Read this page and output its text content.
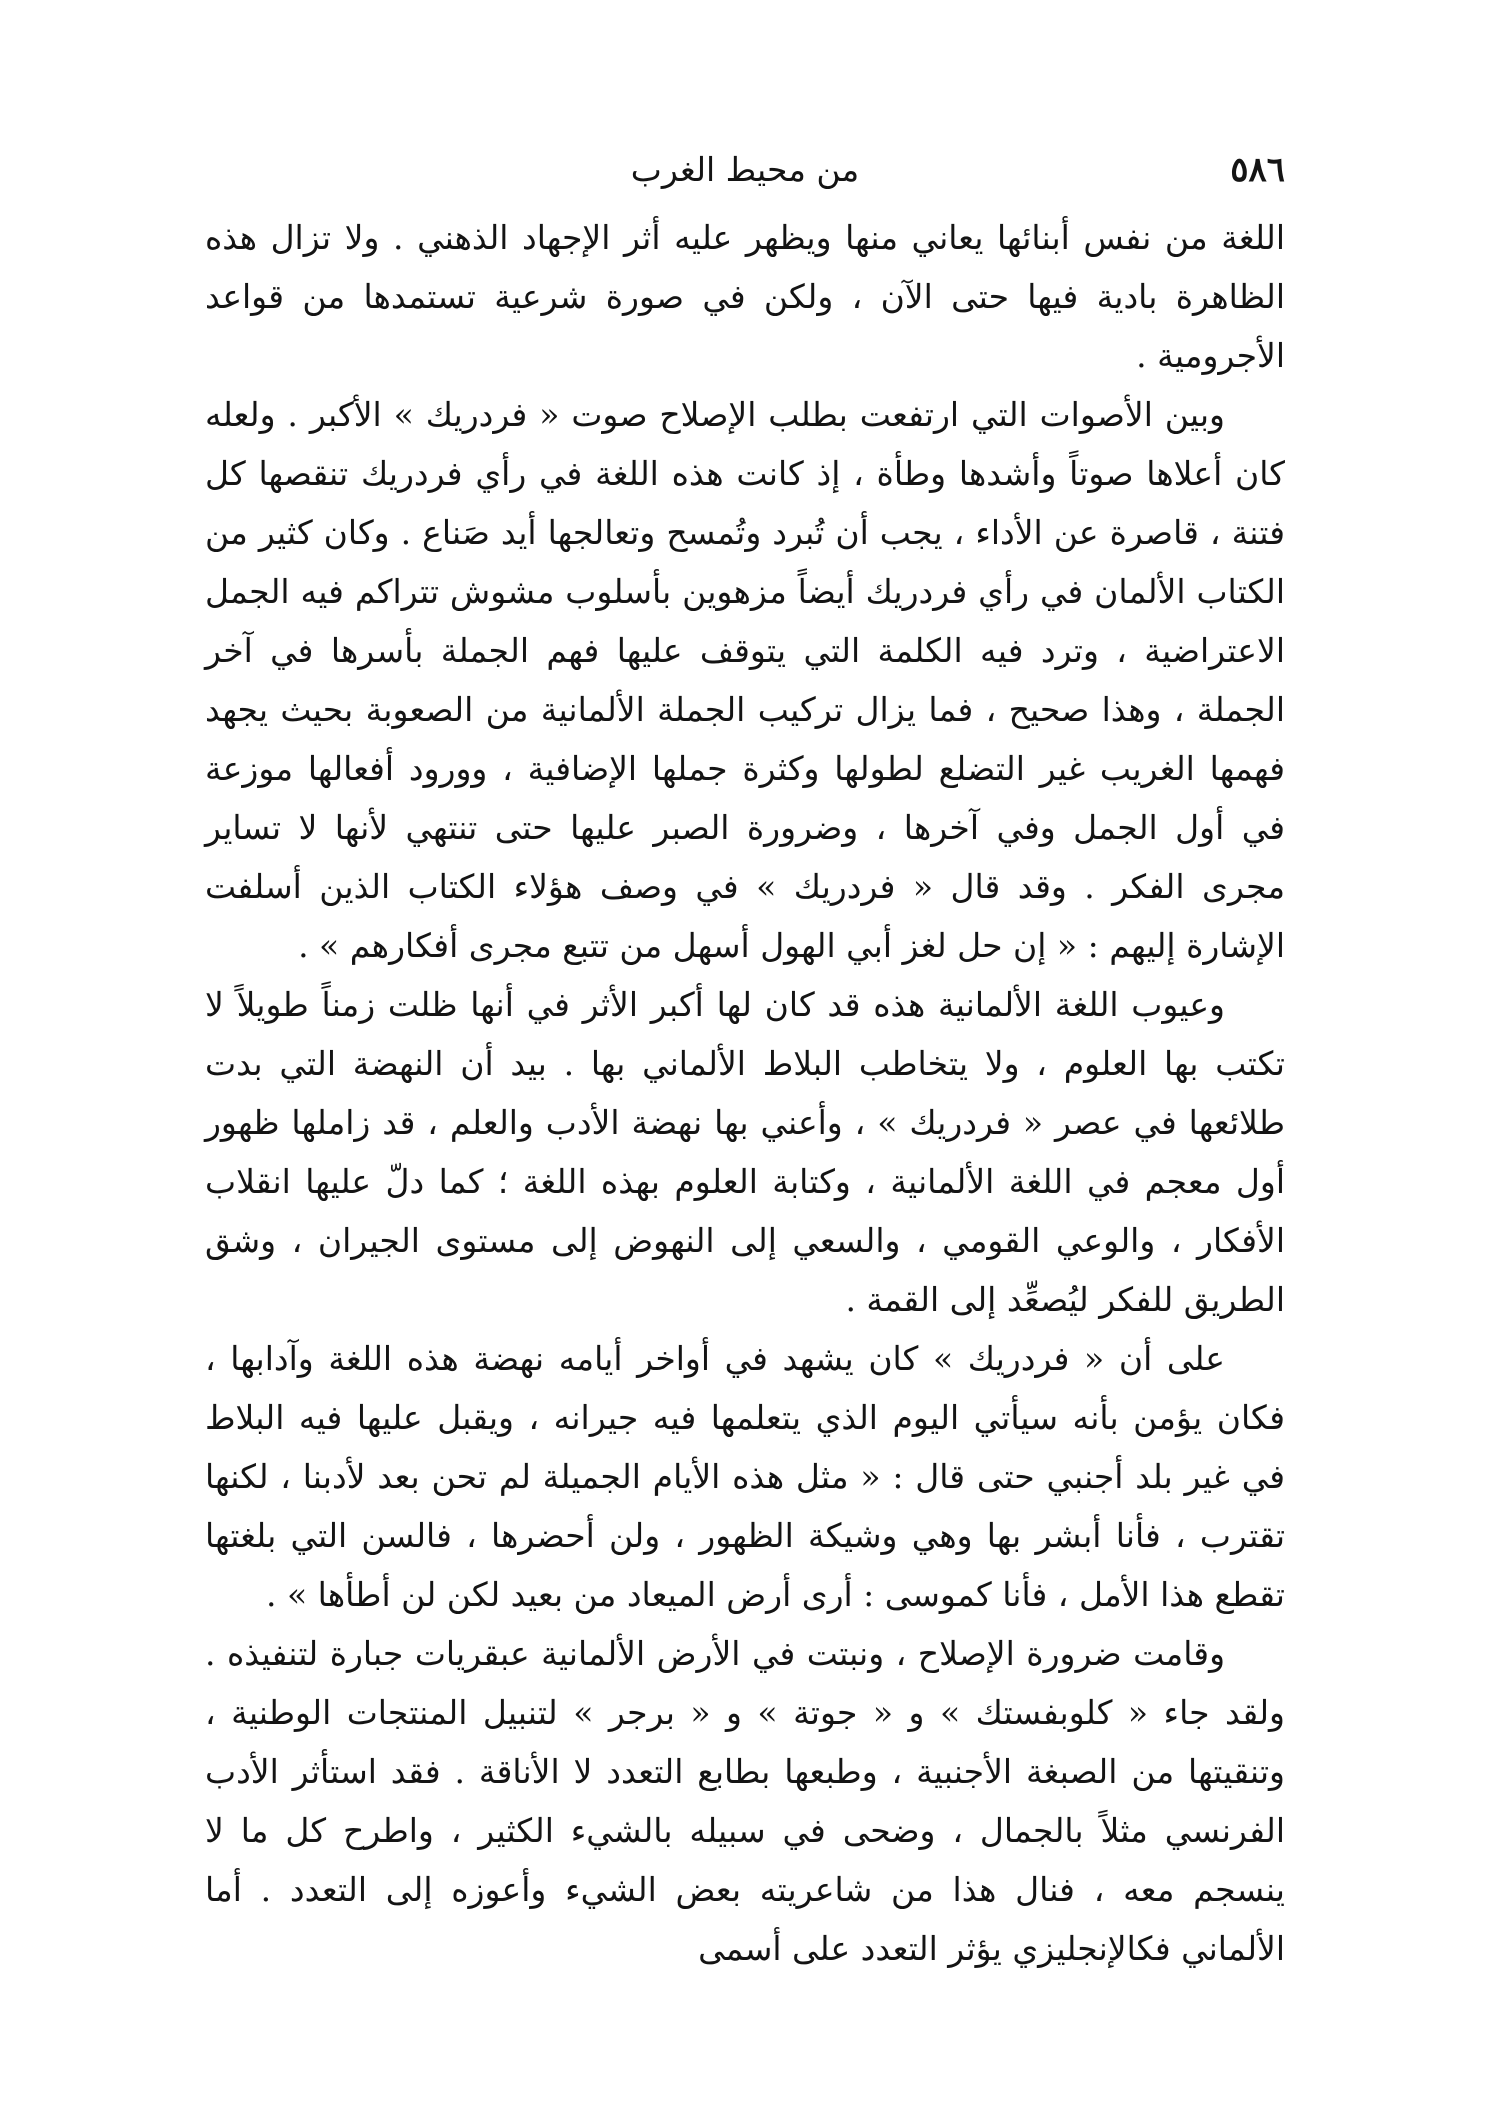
٥٨٦
من محيط الغرب

اللغة من نفس أبنائها يعاني منها ويظهر عليه أثر الإجهاد الذهني . ولا تزال هذه الظاهرة بادية فيها حتى الآن ، ولكن في صورة شرعية تستمدها من قواعد الأجرومية .

وبين الأصوات التي ارتفعت بطلب الإصلاح صوت « فردريك » الأكبر . ولعله كان أعلاها صوتاً وأشدها وطأة ، إذ كانت هذه اللغة في رأي فردريك تنقصها كل فتنة ، قاصرة عن الأداء ، يجب أن تُبرد وتُمسح وتعالجها أيد صَناع . وكان كثير من الكتاب الألمان في رأي فردريك أيضاً مزهوين بأسلوب مشوش تتراكم فيه الجمل الاعتراضية ، وترد فيه الكلمة التي يتوقف عليها فهم الجملة بأسرها في آخر الجملة ، وهذا صحيح ، فما يزال تركيب الجملة الألمانية من الصعوبة بحيث يجهد فهمها الغريب غير التضلع لطولها وكثرة جملها الإضافية ، وورود أفعالها موزعة في أول الجمل وفي آخرها ، وضرورة الصبر عليها حتى تنتهي لأنها لا تساير مجرى الفكر . وقد قال « فردريك » في وصف هؤلاء الكتاب الذين أسلفت الإشارة إليهم : « إن حل لغز أبي الهول أسهل من تتبع مجرى أفكارهم » .

وعيوب اللغة الألمانية هذه قد كان لها أكبر الأثر في أنها ظلت زمناً طويلاً لا تكتب بها العلوم ، ولا يتخاطب البلاط الألماني بها . بيد أن النهضة التي بدت طلائعها في عصر « فردريك » ، وأعني بها نهضة الأدب والعلم ، قد زاملها ظهور أول معجم في اللغة الألمانية ، وكتابة العلوم بهذه اللغة ؛ كما دلّ عليها انقلاب الأفكار ، والوعي القومي ، والسعي إلى النهوض إلى مستوى الجيران ، وشق الطريق للفكر ليُصعِّد إلى القمة .

على أن « فردريك » كان يشهد في أواخر أيامه نهضة هذه اللغة وآدابها ، فكان يؤمن بأنه سيأتي اليوم الذي يتعلمها فيه جيرانه ، ويقبل عليها فيه البلاط في غير بلد أجنبي حتى قال : « مثل هذه الأيام الجميلة لم تحن بعد لأدبنا ، لكنها تقترب ، فأنا أبشر بها وهي وشيكة الظهور ، ولن أحضرها ، فالسن التي بلغتها تقطع هذا الأمل ، فأنا كموسى : أرى أرض الميعاد من بعيد لكن لن أطأها » .

وقامت ضرورة الإصلاح ، ونبتت في الأرض الألمانية عبقريات جبارة لتنفيذه . ولقد جاء « كلوبفستك » و « جوتة » و « برجر » لتنبيل المنتجات الوطنية ، وتنقيتها من الصبغة الأجنبية ، وطبعها بطابع التعدد لا الأناقة . فقد استأثر الأدب الفرنسي مثلاً بالجمال ، وضحى في سبيله بالشيء الكثير ، واطرح كل ما لا ينسجم معه ، فنال هذا من شاعريته بعض الشيء وأعوزه إلى التعدد . أما الألماني فكالإنجليزي يؤثر التعدد على أسمى
